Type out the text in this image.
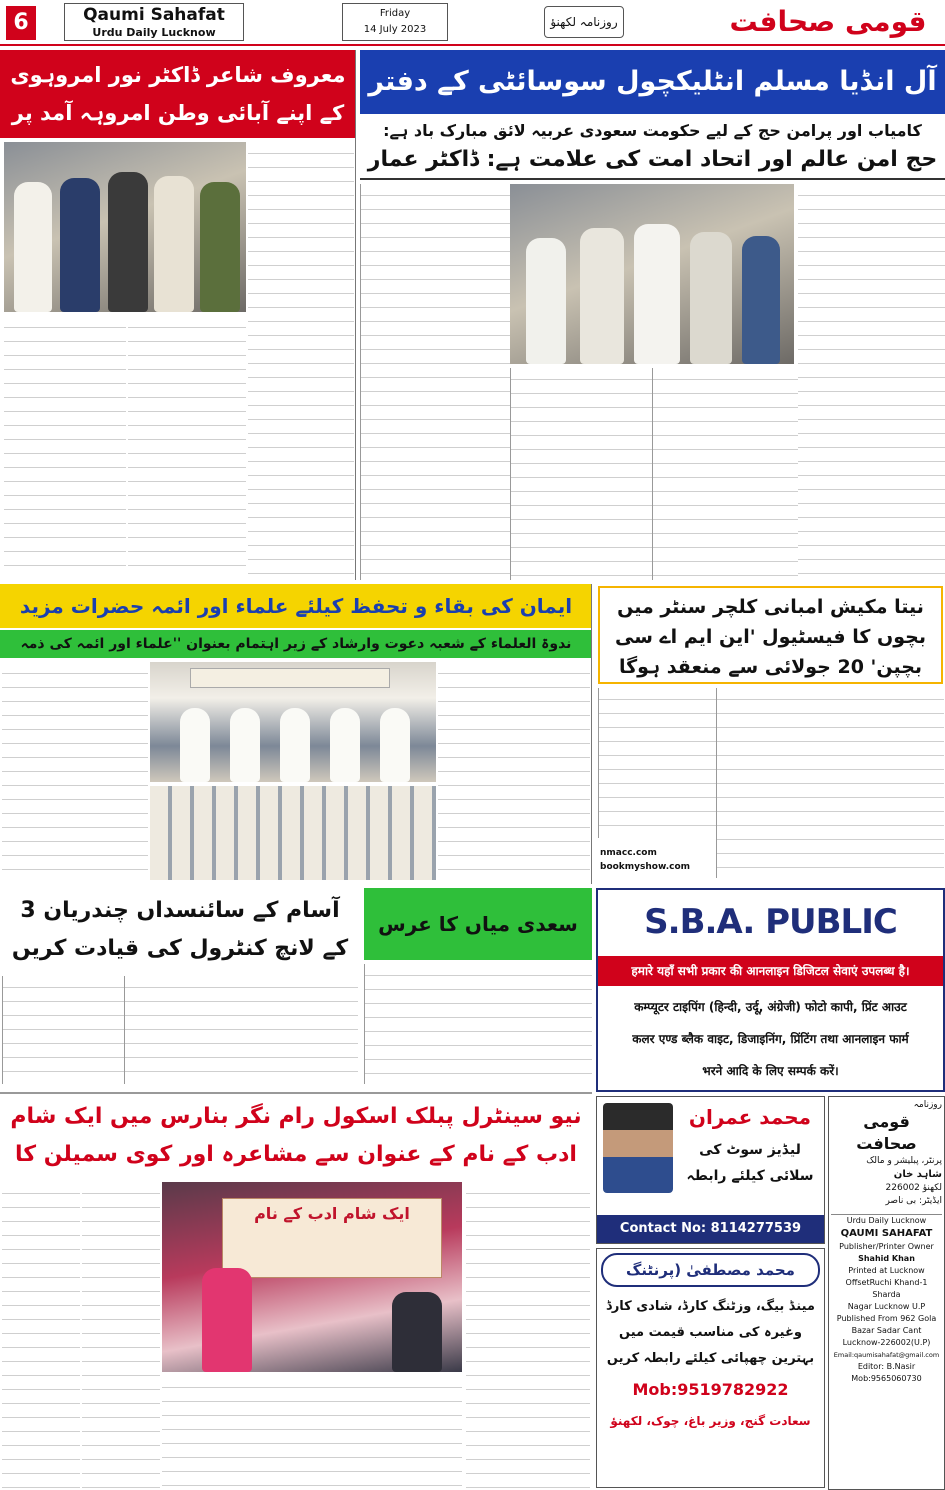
6	Qaumi Sahafat
Urdu Daily Lucknow
Friday
14 July 2023
روزنامہ لکھنؤ	قومی صحافت
آل انڈیا مسلم انٹلیکچول سوسائٹی کے دفتر
کامیاب اور پرامن حج کے لیے حکومت سعودی عربیہ لائق مبارک باد ہے:
حج امن عالم اور اتحاد امت کی علامت ہے: ڈاکٹر عمار
معروف شاعر ڈاکٹر نور امروہوی کے اپنے آبائی وطن امروہہ آمد پر
ایمان کی بقاء و تحفظ کیلئے علماء اور ائمہ حضرات مزید
ندوۃ العلماء کے شعبہ دعوت وارشاد کے زیر اہتمام بعنوان ''علماء اور ائمہ کی ذمہ
نیتا مکیش امبانی کلچر سنٹر میں بچوں کا فیسٹیول 'این ایم اے سی بچپن' 20 جولائی سے منعقد ہوگا
nmacc.com
bookmyshow.com
آسام کے سائنسداں چندریان 3 کے لانچ کنٹرول کی قیادت کریں
سعدی میاں کا عرس
نیو سینٹرل پبلک اسکول رام نگر بنارس میں ایک شام ادب کے نام کے عنوان سے مشاعرہ اور کوی سمیلن کا
ایک شام ادب کے نام
S.B.A. PUBLIC
हमारे यहाँ सभी प्रकार की आनलाइन डिजिटल सेवाएं उपलब्ध है।
कम्प्यूटर टाइपिंग (हिन्दी, उर्दू, अंग्रेजी) फोटो कापी, प्रिंट आउट
कलर एण्ड ब्लैक वाइट, डिजाइनिंग, प्रिंटिंग तथा आनलाइन फार्म
भरने आदि के लिए सम्पर्क करें।
محمد عمران
لیڈیز سوٹ کی
سلائی کیلئے رابطہ
Contact No: 8114277539
محمد مصطفیٰ (پرنٹنگ
مینڈ بیگ، وزٹنگ کارڈ، شادی کارڈ
وغیرہ کی مناسب قیمت میں
بہترین چھپائی کیلئے رابطہ کریں
Mob:9519782922
سعادت گنج، وزیر باغ، چوک، لکھنؤ
روزنامہ
قومی صحافت
پرنٹر، پبلیشر و مالک
شاہد خان
لکھنؤ 226002
ایڈیٹر: بی ناصر
Urdu Daily Lucknow
QAUMI SAHAFAT
Publisher/Printer Owner
Shahid Khan
Printed at Lucknow
OffsetRuchi Khand-1 Sharda
Nagar Lucknow U.P
Published From 962 Gola
Bazar Sadar Cant
Lucknow-226002(U.P)
Email:qaumisahafat@gmail.com
Editor: B.Nasir
Mob:9565060730
